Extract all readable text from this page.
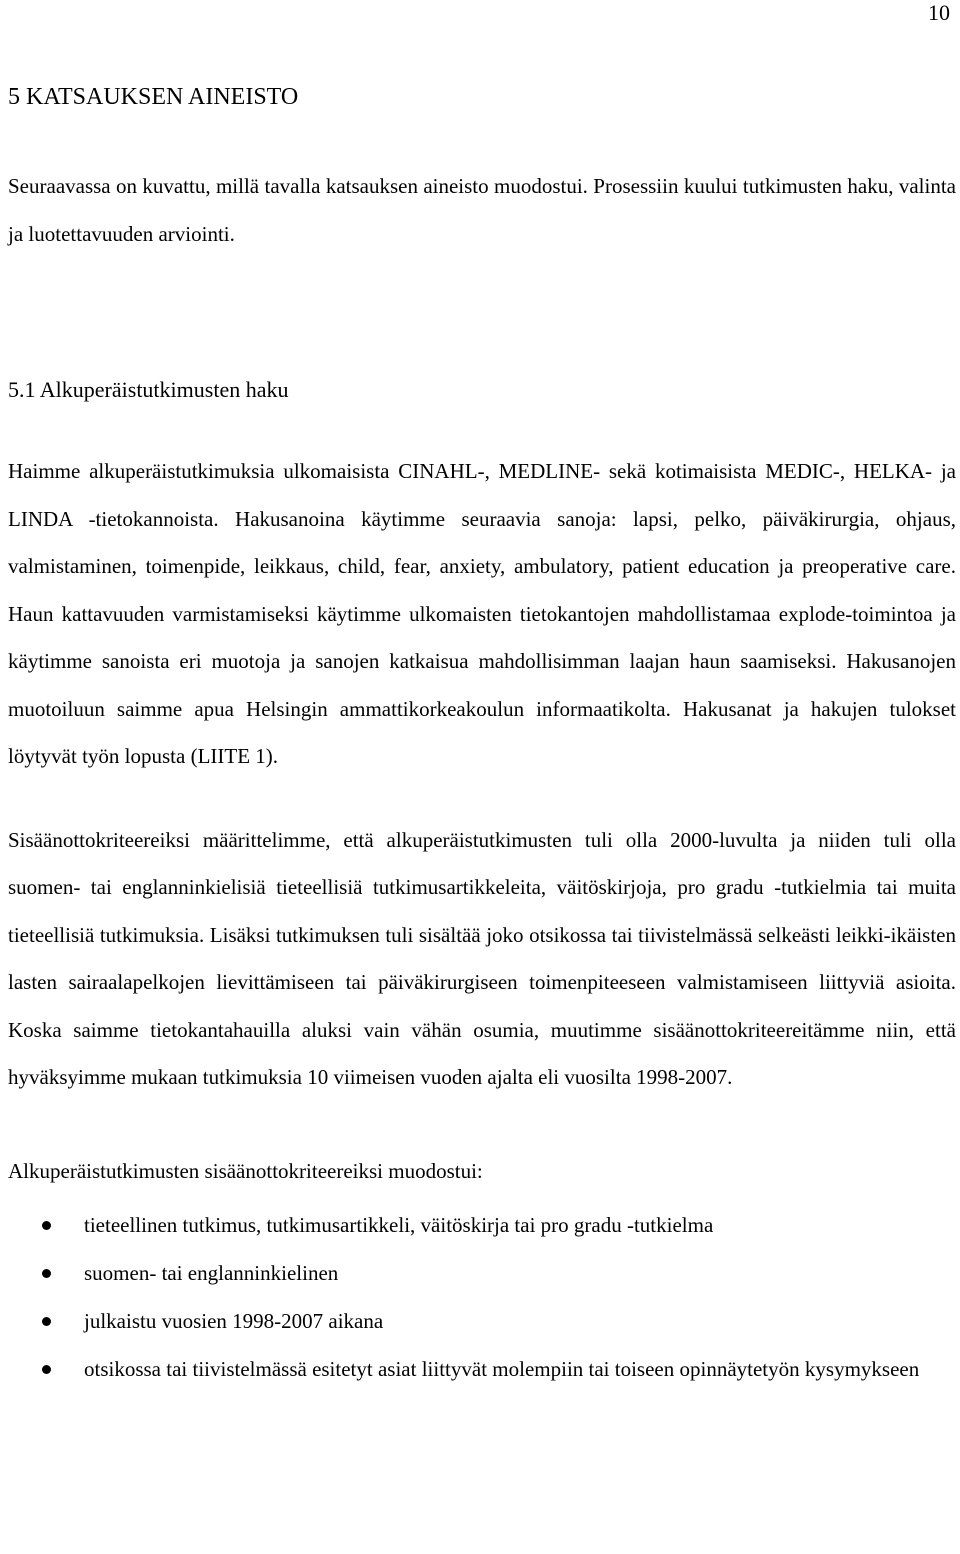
10
5 KATSAUKSEN AINEISTO

Seuraavassa on kuvattu, millä tavalla katsauksen aineisto muodostui. Prosessiin kuului tutkimusten haku, valinta ja luotettavuuden arviointi.

5.1 Alkuperäistutkimusten haku

Haimme alkuperäistutkimuksia ulkomaisista CINAHL-, MEDLINE- sekä kotimaisista MEDIC-, HELKA- ja LINDA -tietokannoista. Hakusanoina käytimme seuraavia sanoja: lapsi, pelko, päiväkirurgia, ohjaus, valmistaminen, toimenpide, leikkaus, child, fear, anxiety, ambulatory, patient education ja preoperative care. Haun kattavuuden varmistamiseksi käytimme ulkomaisten tietokantojen mahdollistamaa explode-toimintoa ja käytimme sanoista eri muotoja ja sanojen katkaisua mahdollisimman laajan haun saamiseksi. Hakusanojen muotoiluun saimme apua Helsingin ammattikorkeakoulun informaatikolta. Hakusanat ja hakujen tulokset löytyvät työn lopusta (LIITE 1).

Sisäänottokriteereiksi määrittelimme, että alkuperäistutkimusten tuli olla 2000-luvulta ja niiden tuli olla suomen- tai englanninkielisiä tieteellisiä tutkimusartikkeleita, väitöskirjoja, pro gradu -tutkielmia tai muita tieteellisiä tutkimuksia. Lisäksi tutkimuksen tuli sisältää joko otsikossa tai tiivistelmässä selkeästi leikki-ikäisten lasten sairaalapelkojen lievittämiseen tai päiväkirurgiseen toimenpiteeseen valmistamiseen liittyviä asioita. Koska saimme tietokantahauilla aluksi vain vähän osumia, muutimme sisäänottokriteereitämme niin, että hyväksyimme mukaan tutkimuksia 10 viimeisen vuoden ajalta eli vuosilta 1998-2007.

Alkuperäistutkimusten sisäänottokriteereiksi muodostui:

tieteellinen tutkimus, tutkimusartikkeli, väitöskirja tai pro gradu -tutkielma
suomen- tai englanninkielinen
julkaistu vuosien 1998-2007 aikana
otsikossa tai tiivistelmässä esitetyt asiat liittyvät molempiin tai toiseen opinnäytetyön kysymykseen
